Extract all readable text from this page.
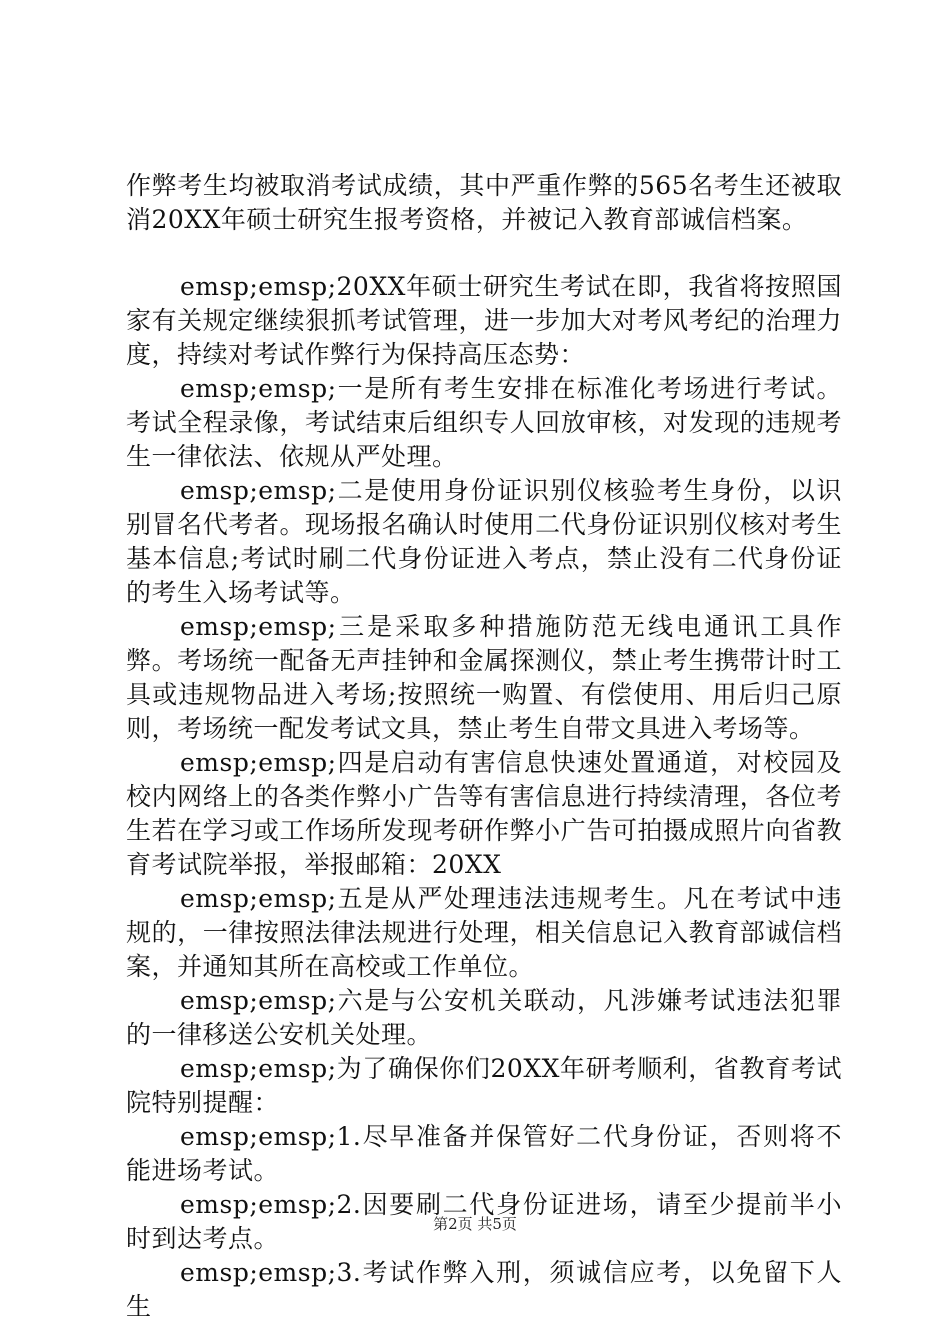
作弊考生均被取消考试成绩，其中严重作弊的565名考生还被取消20XX年硕士研究生报考资格，并被记入教育部诚信档案。

emsp;emsp;20XX年硕士研究生考试在即，我省将按照国家有关规定继续狠抓考试管理，进一步加大对考风考纪的治理力度，持续对考试作弊行为保持高压态势：

emsp;emsp;一是所有考生安排在标准化考场进行考试。考试全程录像，考试结束后组织专人回放审核，对发现的违规考生一律依法、依规从严处理。

emsp;emsp;二是使用身份证识别仪核验考生身份，以识别冒名代考者。现场报名确认时使用二代身份证识别仪核对考生基本信息;考试时刷二代身份证进入考点，禁止没有二代身份证的考生入场考试等。

emsp;emsp;三是采取多种措施防范无线电通讯工具作弊。考场统一配备无声挂钟和金属探测仪，禁止考生携带计时工具或违规物品进入考场;按照统一购置、有偿使用、用后归己原则，考场统一配发考试文具，禁止考生自带文具进入考场等。

emsp;emsp;四是启动有害信息快速处置通道，对校园及校内网络上的各类作弊小广告等有害信息进行持续清理，各位考生若在学习或工作场所发现考研作弊小广告可拍摄成照片向省教育考试院举报，举报邮箱：20XX

emsp;emsp;五是从严处理违法违规考生。凡在考试中违规的，一律按照法律法规进行处理，相关信息记入教育部诚信档案，并通知其所在高校或工作单位。

emsp;emsp;六是与公安机关联动，凡涉嫌考试违法犯罪的一律移送公安机关处理。

emsp;emsp;为了确保你们20XX年研考顺利，省教育考试院特别提醒：

emsp;emsp;1.尽早准备并保管好二代身份证，否则将不能进场考试。

emsp;emsp;2.因要刷二代身份证进场，请至少提前半小时到达考点。

emsp;emsp;3.考试作弊入刑，须诚信应考，以免留下人生

第2页 共5页
